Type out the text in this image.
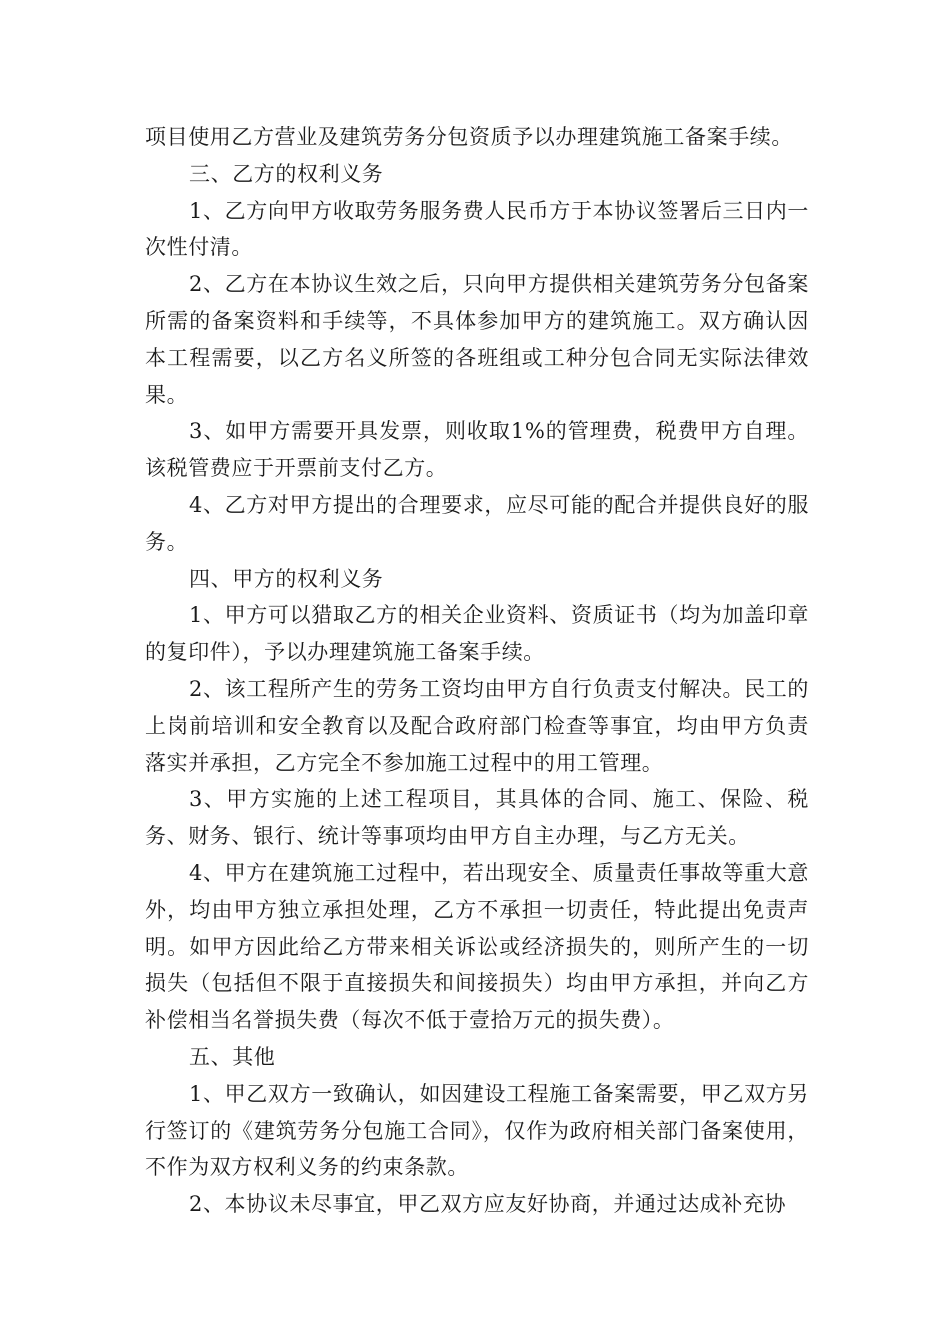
项目使用乙方营业及建筑劳务分包资质予以办理建筑施工备案手续。

三、乙方的权利义务

1、乙方向甲方收取劳务服务费人民币方于本协议签署后三日内一次性付清。

2、乙方在本协议生效之后，只向甲方提供相关建筑劳务分包备案所需的备案资料和手续等，不具体参加甲方的建筑施工。双方确认因本工程需要，以乙方名义所签的各班组或工种分包合同无实际法律效果。

3、如甲方需要开具发票，则收取1%的管理费，税费甲方自理。该税管费应于开票前支付乙方。

4、乙方对甲方提出的合理要求，应尽可能的配合并提供良好的服务。

四、甲方的权利义务

1、甲方可以猎取乙方的相关企业资料、资质证书（均为加盖印章的复印件），予以办理建筑施工备案手续。

2、该工程所产生的劳务工资均由甲方自行负责支付解决。民工的上岗前培训和安全教育以及配合政府部门检查等事宜，均由甲方负责落实并承担，乙方完全不参加施工过程中的用工管理。

3、甲方实施的上述工程项目，其具体的合同、施工、保险、税务、财务、银行、统计等事项均由甲方自主办理，与乙方无关。

4、甲方在建筑施工过程中，若出现安全、质量责任事故等重大意外，均由甲方独立承担处理，乙方不承担一切责任，特此提出免责声明。如甲方因此给乙方带来相关诉讼或经济损失的，则所产生的一切损失（包括但不限于直接损失和间接损失）均由甲方承担，并向乙方补偿相当名誉损失费（每次不低于壹拾万元的损失费）。

五、其他

1、甲乙双方一致确认，如因建设工程施工备案需要，甲乙双方另行签订的《建筑劳务分包施工合同》，仅作为政府相关部门备案使用，不作为双方权利义务的约束条款。

2、本协议未尽事宜，甲乙双方应友好协商，并通过达成补充协
